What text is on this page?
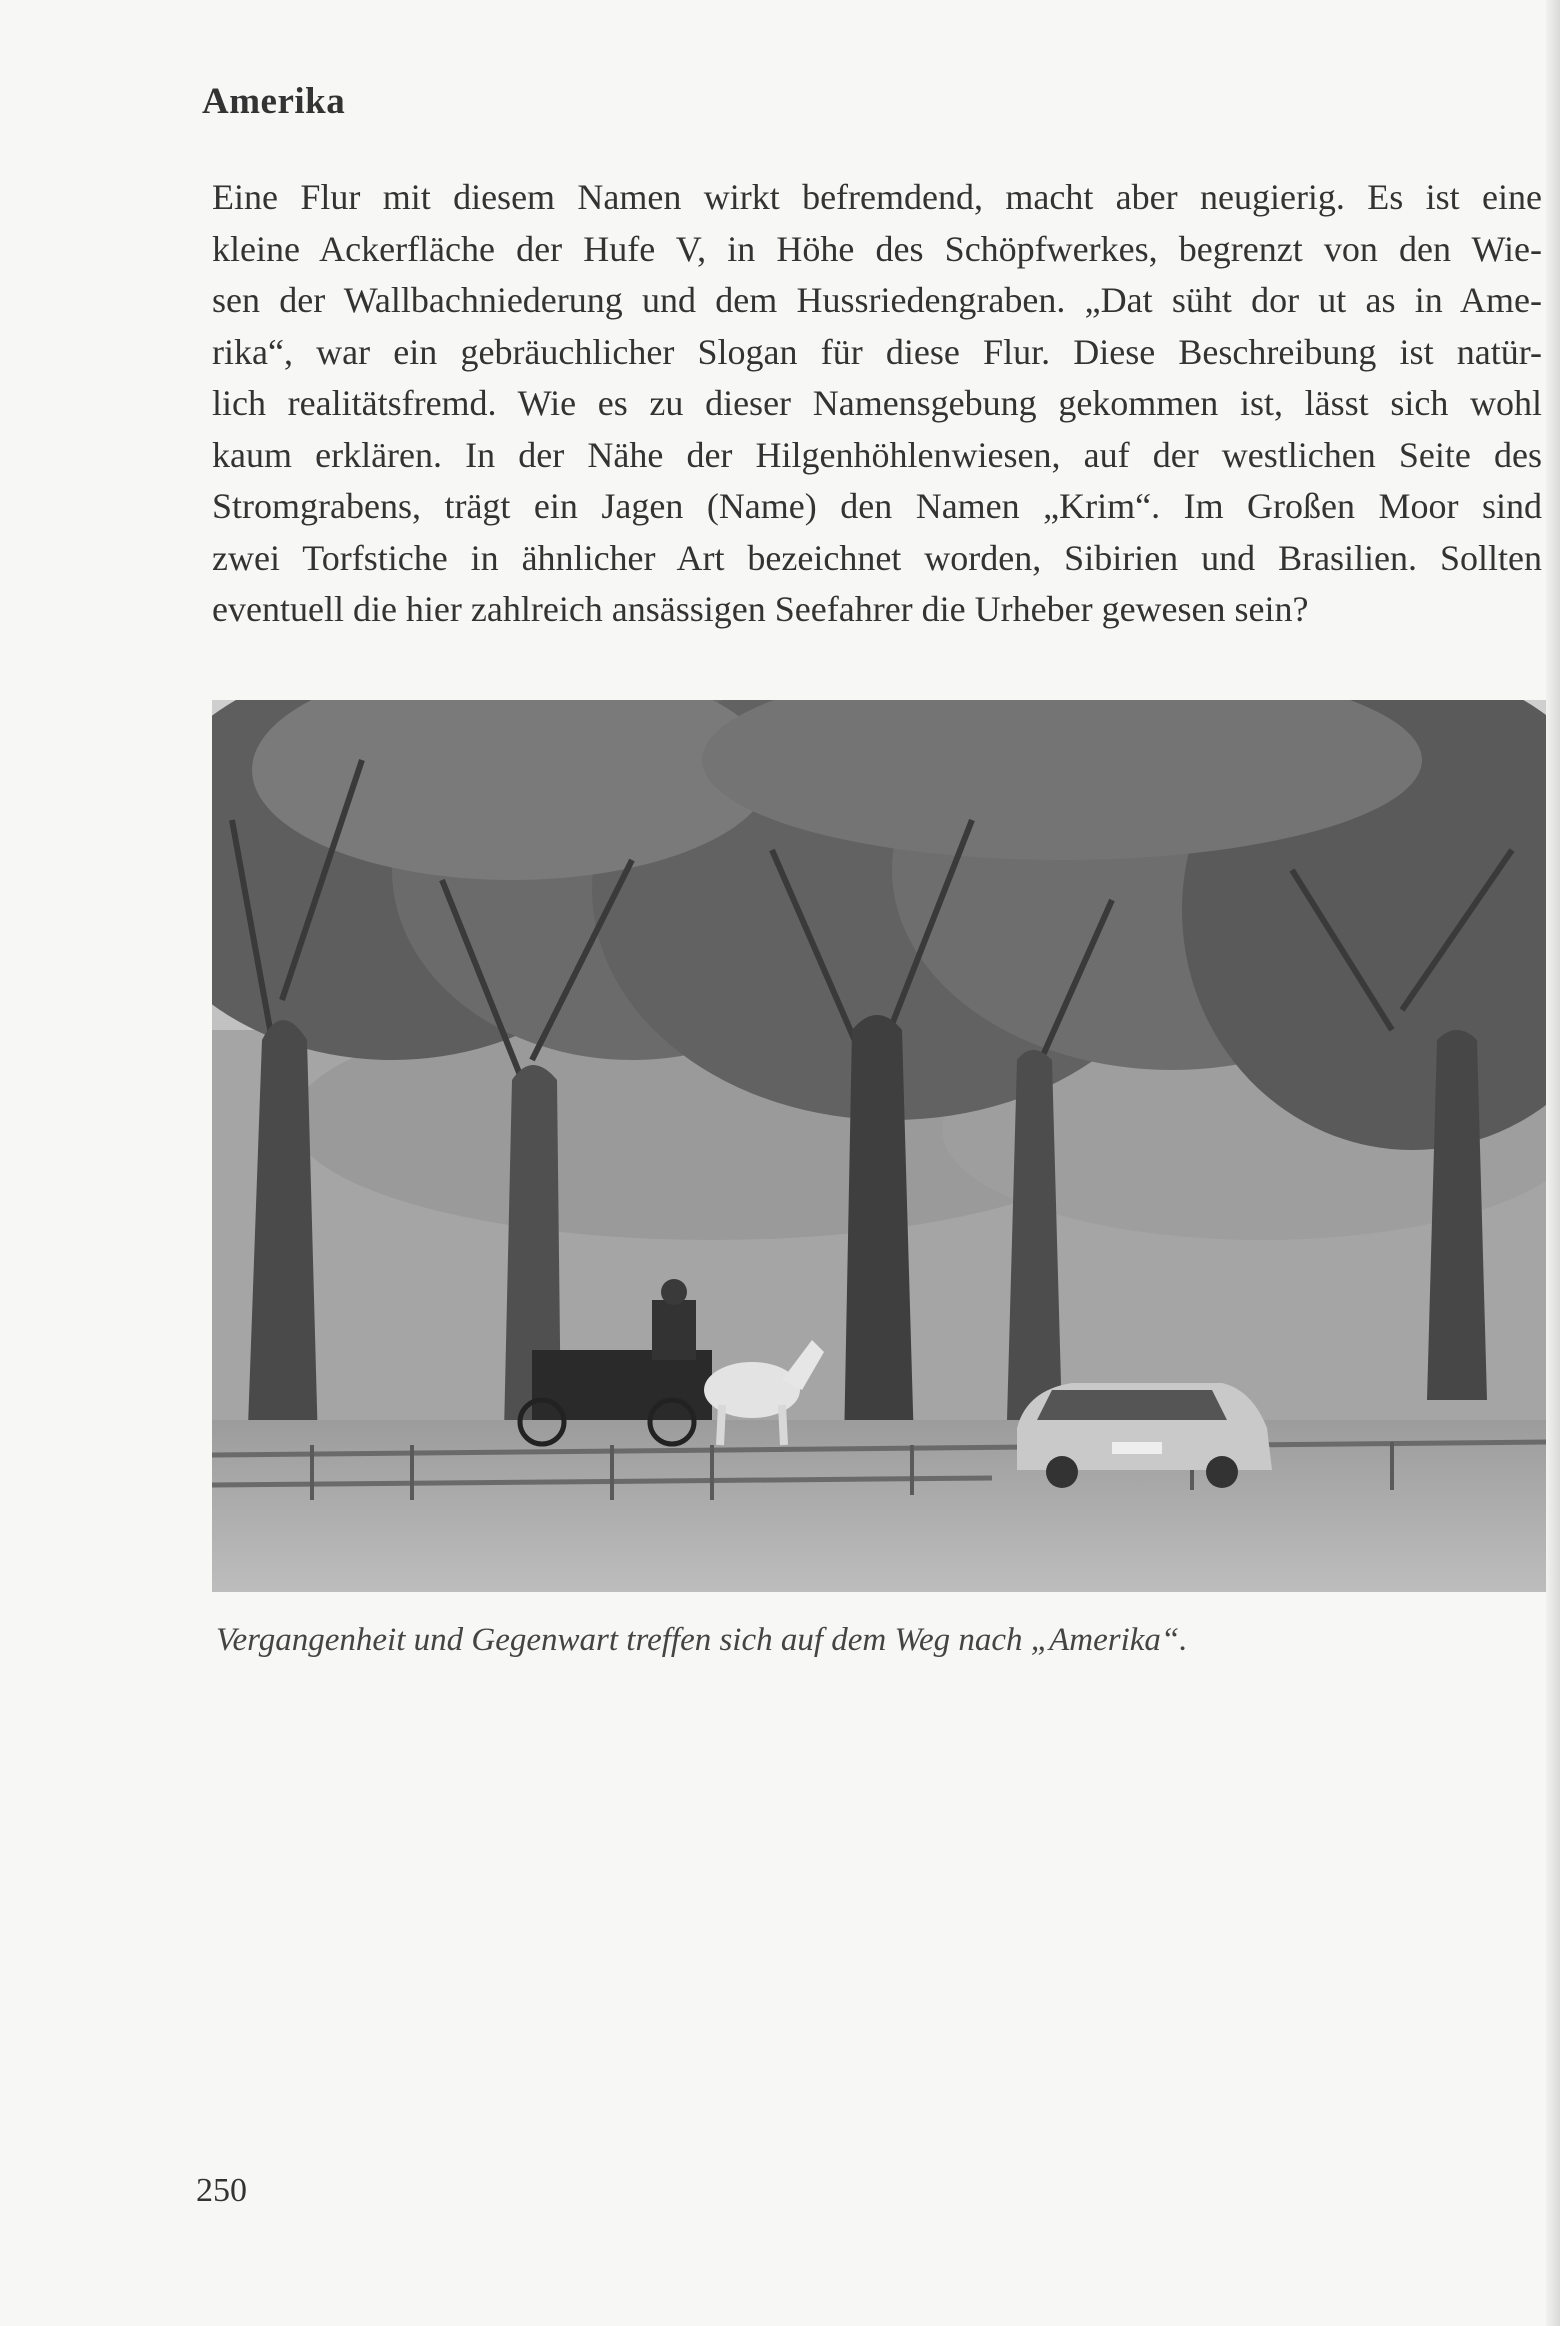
Amerika
Eine Flur mit diesem Namen wirkt befremdend, macht aber neugierig. Es ist eine
kleine Ackerfläche der Hufe V, in Höhe des Schöpfwerkes, begrenzt von den Wie-
sen der Wallbachniederung und dem Hussriedengraben. „Dat süht dor ut as in Ame-
rika“, war ein gebräuchlicher Slogan für diese Flur. Diese Beschreibung ist natür-
lich realitätsfremd. Wie es zu dieser Namensgebung gekommen ist, lässt sich wohl
kaum erklären. In der Nähe der Hilgenhöhlenwiesen, auf der westlichen Seite des
Stromgrabens, trägt ein Jagen (Name) den Namen „Krim“. Im Großen Moor sind
zwei Torfstiche in ähnlicher Art bezeichnet worden, Sibirien und Brasilien. Sollten
eventuell die hier zahlreich ansässigen Seefahrer die Urheber gewesen sein?
Vergangenheit und Gegenwart treffen sich auf dem Weg nach „Amerika“.
250
